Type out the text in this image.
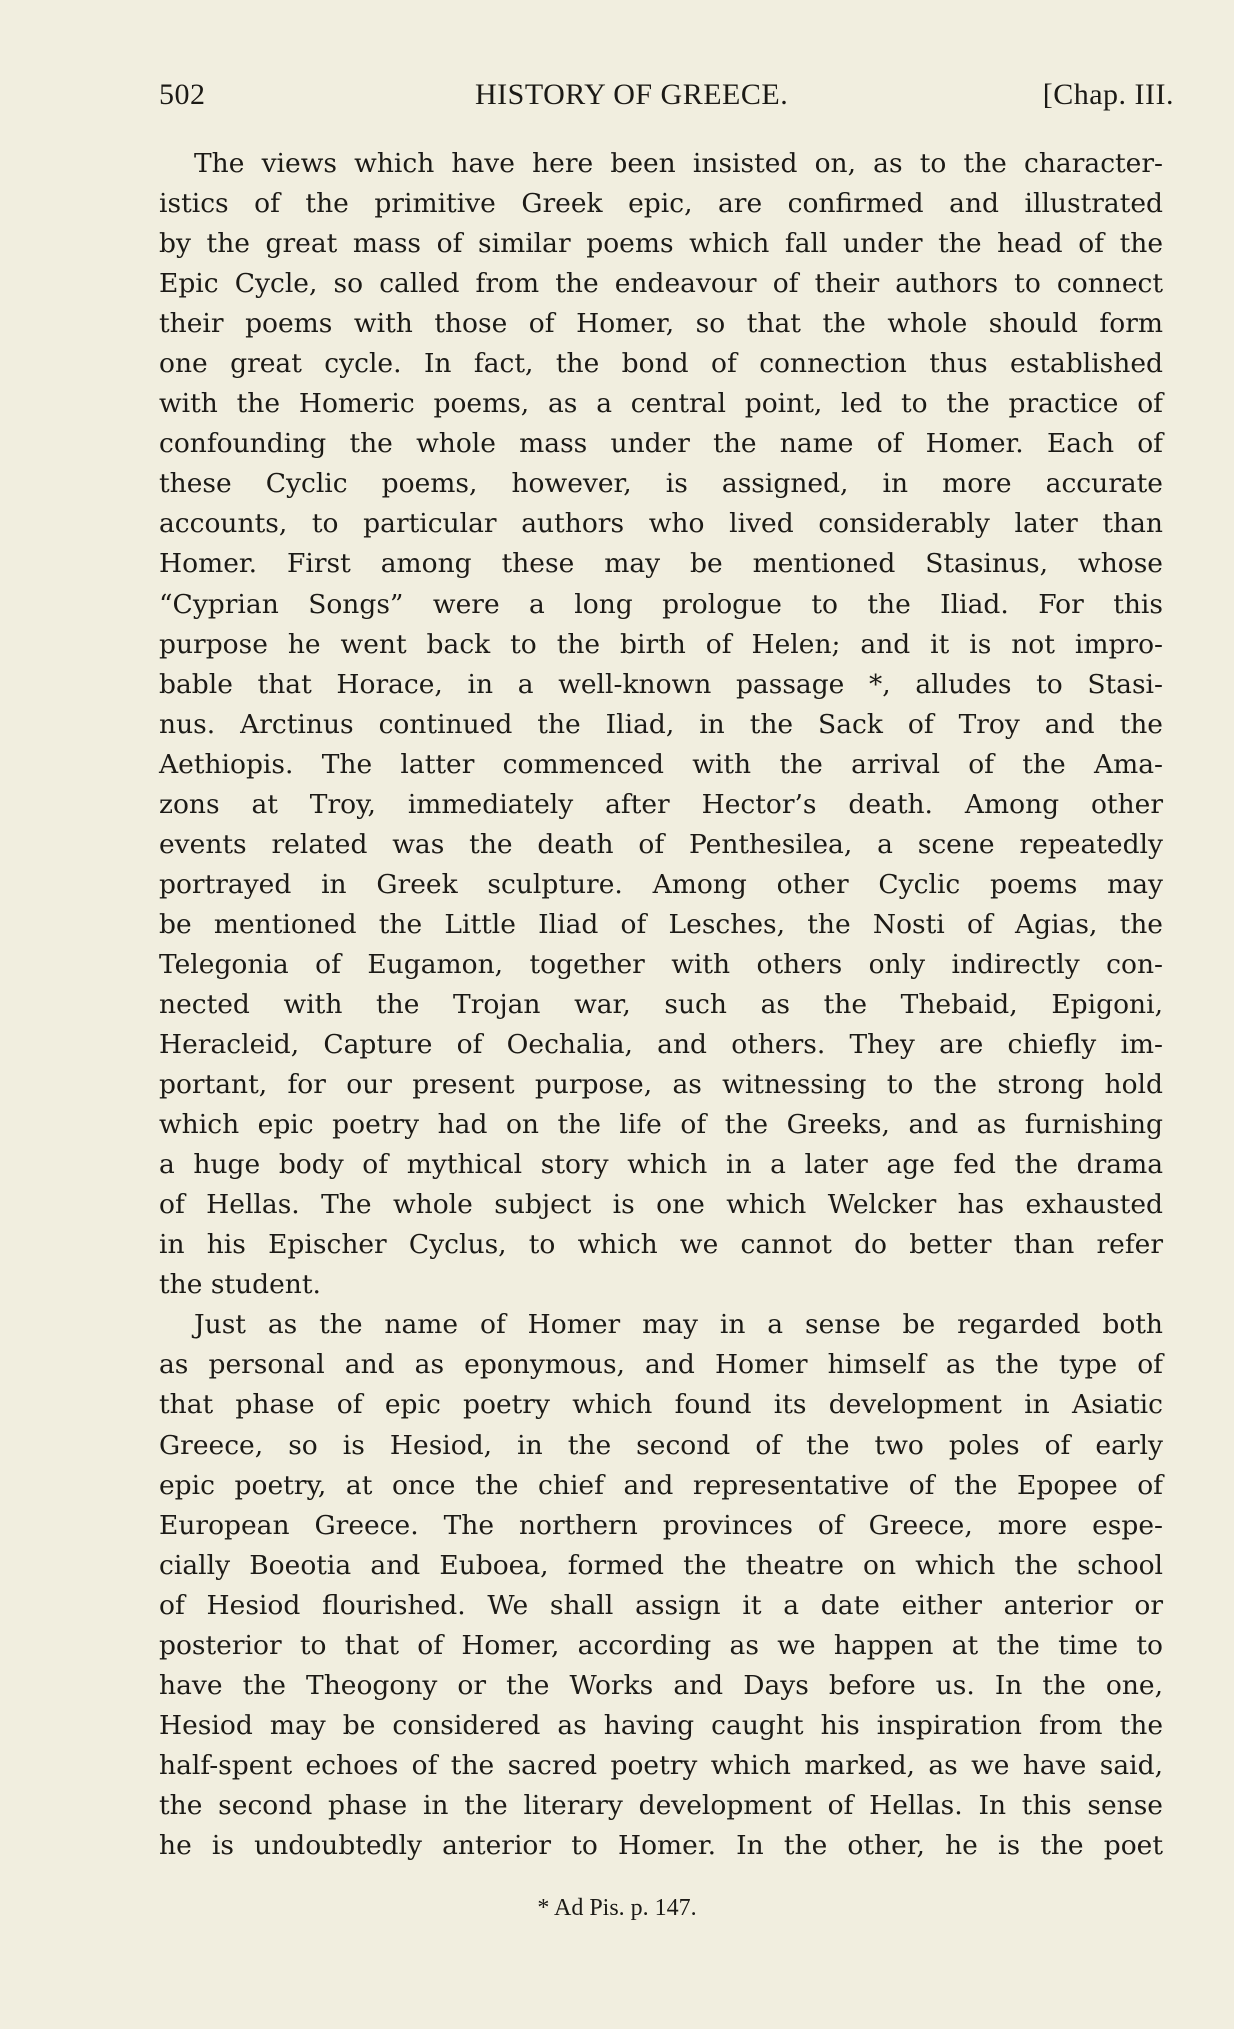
502	HISTORY OF GREECE.	[Chap. III.
The views which have here been insisted on, as to the character-
istics of the primitive Greek epic, are confirmed and illustrated
by the great mass of similar poems which fall under the head of the
Epic Cycle, so called from the endeavour of their authors to connect
their poems with those of Homer, so that the whole should form
one great cycle. In fact, the bond of connection thus established
with the Homeric poems, as a central point, led to the practice of
confounding the whole mass under the name of Homer. Each of
these Cyclic poems, however, is assigned, in more accurate
accounts, to particular authors who lived considerably later than
Homer. First among these may be mentioned Stasinus, whose
“Cyprian Songs” were a long prologue to the Iliad. For this
purpose he went back to the birth of Helen; and it is not impro-
bable that Horace, in a well-known passage *, alludes to Stasi-
nus. Arctinus continued the Iliad, in the Sack of Troy and the
Aethiopis. The latter commenced with the arrival of the Ama-
zons at Troy, immediately after Hector’s death. Among other
events related was the death of Penthesilea, a scene repeatedly
portrayed in Greek sculpture. Among other Cyclic poems may
be mentioned the Little Iliad of Lesches, the Nosti of Agias, the
Telegonia of Eugamon, together with others only indirectly con-
nected with the Trojan war, such as the Thebaid, Epigoni,
Heracleid, Capture of Oechalia, and others. They are chiefly im-
portant, for our present purpose, as witnessing to the strong hold
which epic poetry had on the life of the Greeks, and as furnishing
a huge body of mythical story which in a later age fed the drama
of Hellas. The whole subject is one which Welcker has exhausted
in his Epischer Cyclus, to which we cannot do better than refer
the student.
Just as the name of Homer may in a sense be regarded both
as personal and as eponymous, and Homer himself as the type of
that phase of epic poetry which found its development in Asiatic
Greece, so is Hesiod, in the second of the two poles of early
epic poetry, at once the chief and representative of the Epopee of
European Greece. The northern provinces of Greece, more espe-
cially Boeotia and Euboea, formed the theatre on which the school
of Hesiod flourished. We shall assign it a date either anterior or
posterior to that of Homer, according as we happen at the time to
have the Theogony or the Works and Days before us. In the one,
Hesiod may be considered as having caught his inspiration from the
half-spent echoes of the sacred poetry which marked, as we have said,
the second phase in the literary development of Hellas. In this sense
he is undoubtedly anterior to Homer. In the other, he is the poet
* Ad Pis. p. 147.
